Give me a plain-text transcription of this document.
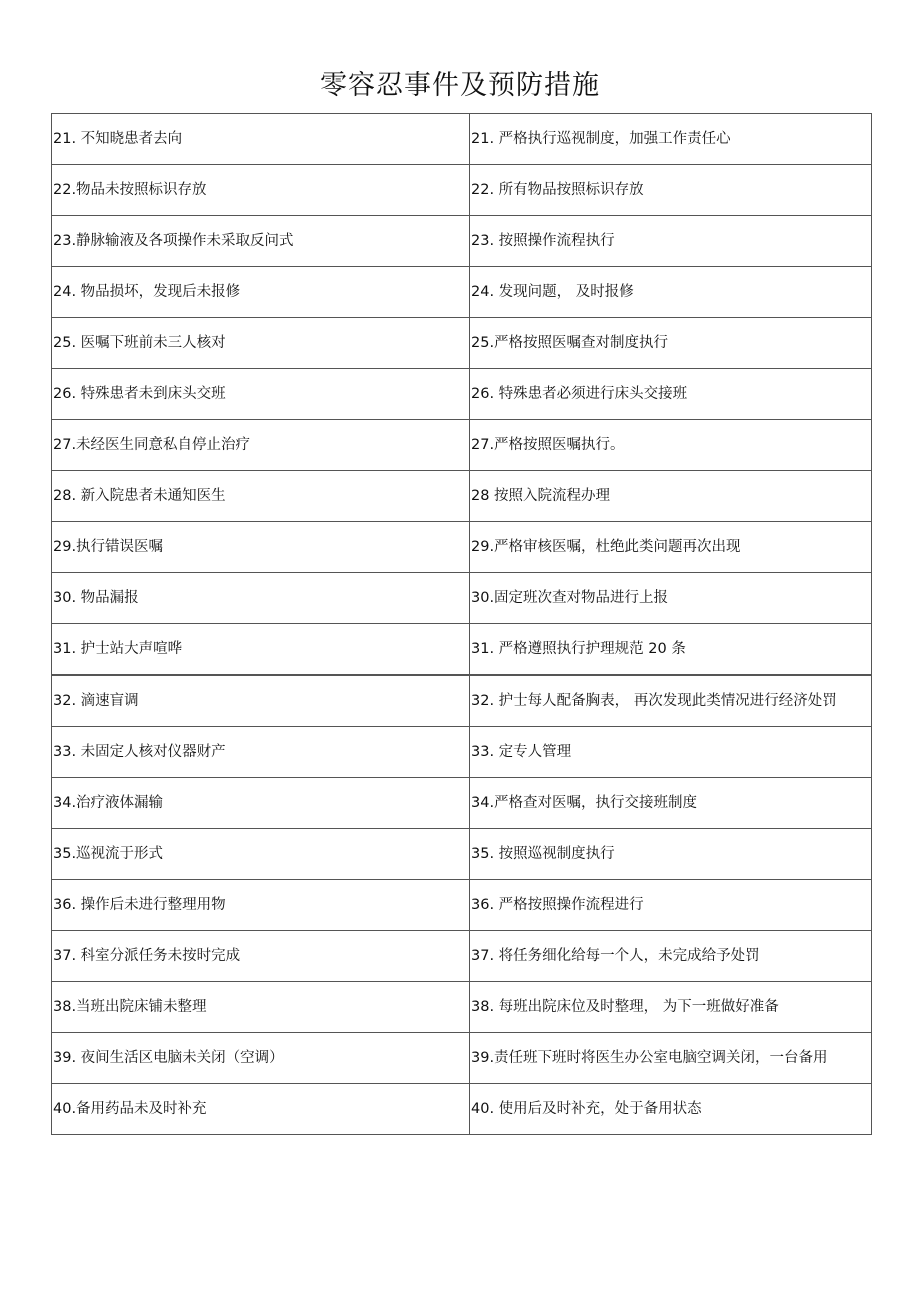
零容忍事件及预防措施
21. 不知晓患者去向	21. 严格执行巡视制度，加强工作责任心
22.物品未按照标识存放	22. 所有物品按照标识存放
23.静脉输液及各项操作未采取反问式	23. 按照操作流程执行
24. 物品损坏，发现后未报修	24. 发现问题， 及时报修
25. 医嘱下班前未三人核对	25.严格按照医嘱查对制度执行
26. 特殊患者未到床头交班	26. 特殊患者必须进行床头交接班
27.未经医生同意私自停止治疗	27.严格按照医嘱执行。
28. 新入院患者未通知医生	28 按照入院流程办理
29.执行错误医嘱	29.严格审核医嘱，杜绝此类问题再次出现
30. 物品漏报	30.固定班次查对物品进行上报
31. 护士站大声喧哗	31. 严格遵照执行护理规范 20 条
32. 滴速盲调	32. 护士每人配备胸表， 再次发现此类情况进行经济处罚
33. 未固定人核对仪器财产	33. 定专人管理
34.治疗液体漏输	34.严格查对医嘱，执行交接班制度
35.巡视流于形式	35. 按照巡视制度执行
36. 操作后未进行整理用物	36. 严格按照操作流程进行
37. 科室分派任务未按时完成	37. 将任务细化给每一个人，未完成给予处罚
38.当班出院床铺未整理	38. 每班出院床位及时整理， 为下一班做好准备
39. 夜间生活区电脑未关闭（空调）	39.责任班下班时将医生办公室电脑空调关闭，一台备用
40.备用药品未及时补充	40. 使用后及时补充，处于备用状态
